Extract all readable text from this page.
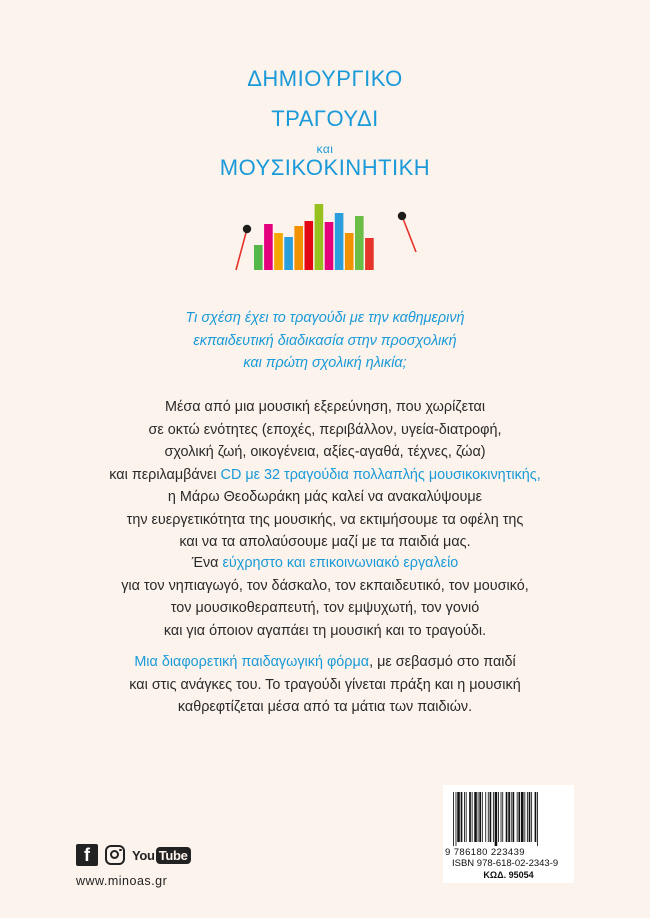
ΔΗΜΙΟΥΡΓΙΚΟ
ΤΡΑΓΟΥΔΙ
και
ΜΟΥΣΙΚΟΚΙΝΗΤΙΚΗ

Τι σχέση έχει το τραγούδι με την καθημερινή

εκπαιδευτική διαδικασία στην προσχολική

και πρώτη σχολική ηλικία;

Μέσα από μια μουσική εξερεύνηση, που χωρίζεται

σε οκτώ ενότητες (εποχές, περιβάλλον, υγεία-διατροφή,

σχολική ζωή, οικογένεια, αξίες-αγαθά, τέχνες, ζώα)

και περιλαμβάνει CD με 32 τραγούδια πολλαπλής μουσικοκινητικής,

η Μάρω Θεοδωράκη μάς καλεί να ανακαλύψουμε

την ευεργετικότητα της μουσικής, να εκτιμήσουμε τα οφέλη της

και να τα απολαύσουμε μαζί με τα παιδιά μας.

Ένα εύχρηστο και επικοινωνιακό εργαλείο

για τον νηπιαγωγό, τον δάσκαλο, τον εκπαιδευτικό, τον μουσικό,

τον μουσικοθεραπευτή, τον εμψυχωτή, τον γονιό

και για όποιον αγαπάει τη μουσική και το τραγούδι.

Μια διαφορετική παιδαγωγική φόρμα, με σεβασμό στο παιδί

και στις ανάγκες του. Το τραγούδι γίνεται πράξη και η μουσική

καθρεφτίζεται μέσα από τα μάτια των παιδιών.

f	You Tube
www.minoas.gr
9 786180 223439
ISBN 978-618-02-2343-9
ΚΩΔ. 95054
